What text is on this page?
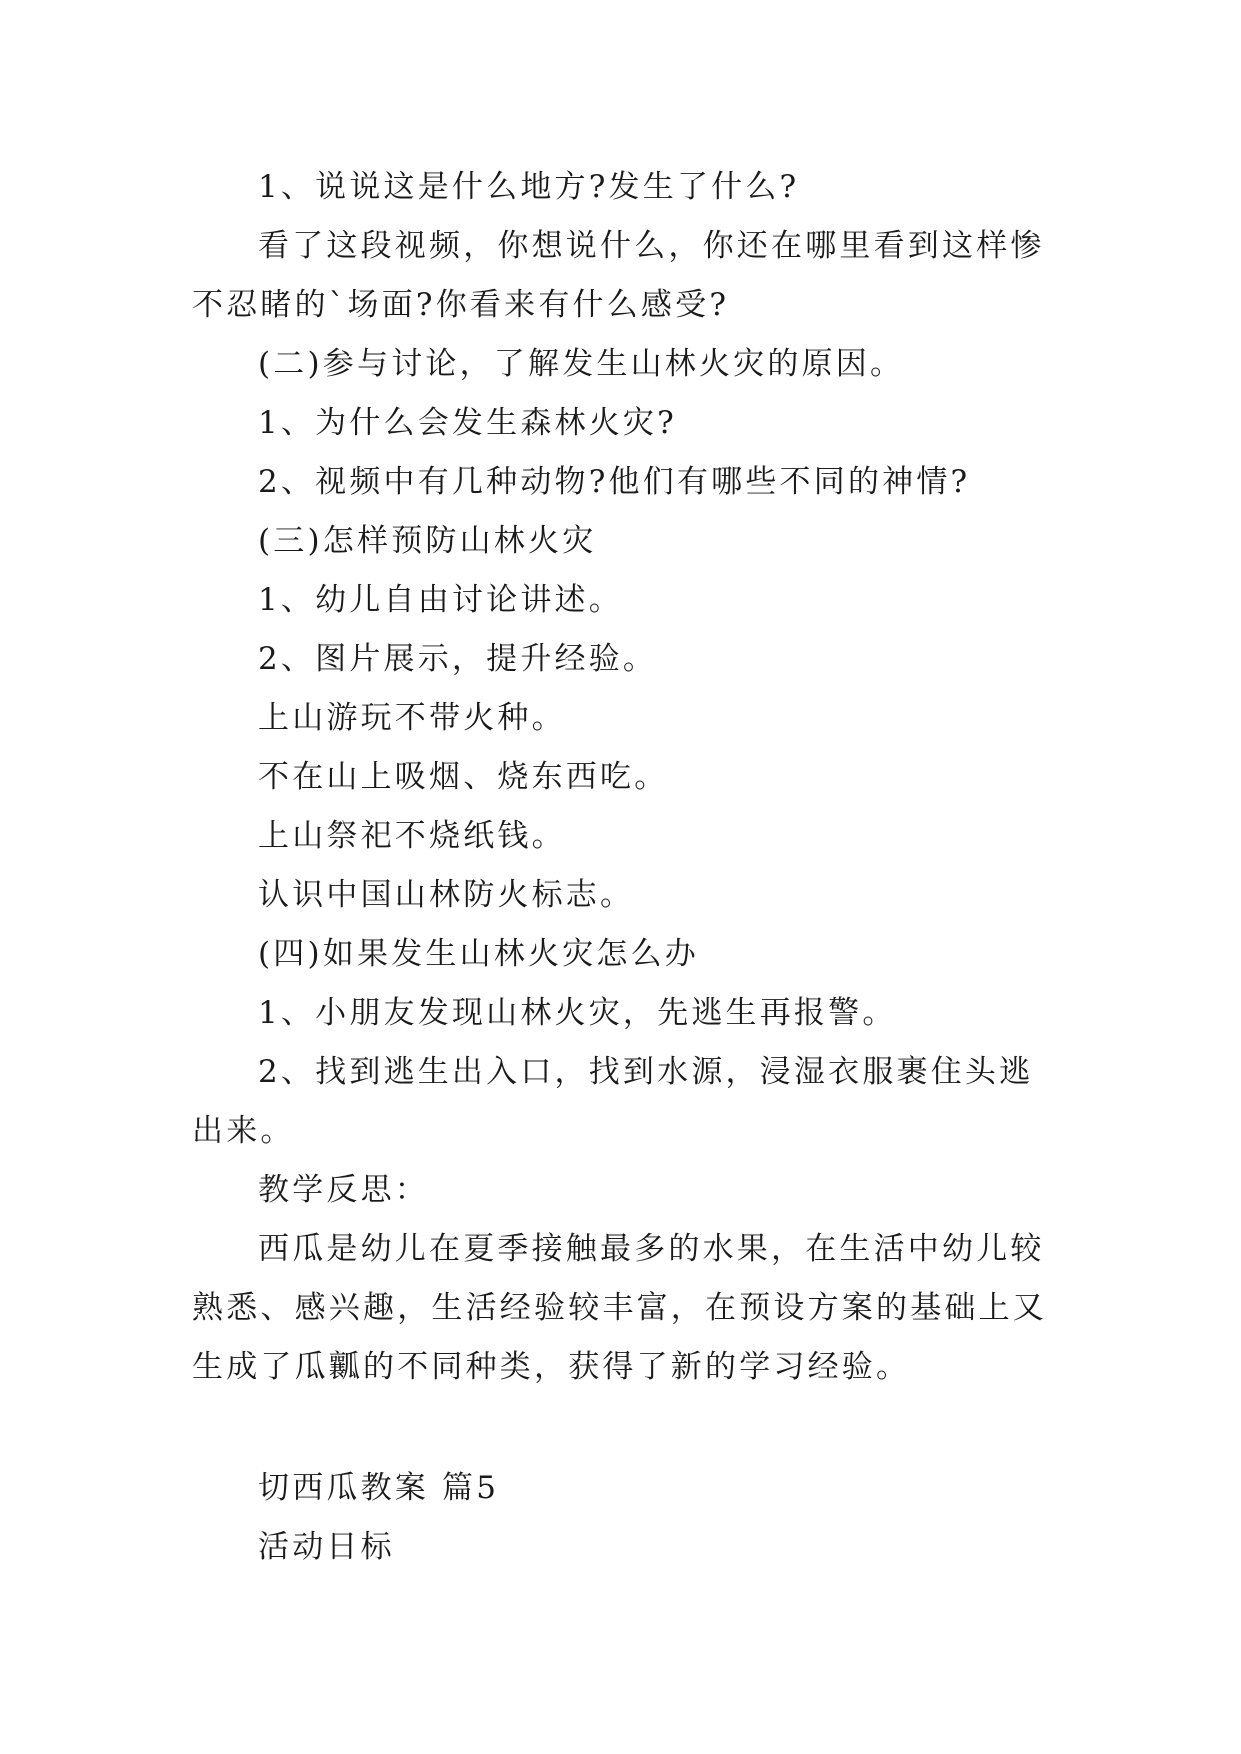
1、说说这是什么地方?发生了什么?

看了这段视频，你想说什么，你还在哪里看到这样惨不忍睹的`场面?你看来有什么感受?

(二)参与讨论，了解发生山林火灾的原因。

1、为什么会发生森林火灾?

2、视频中有几种动物?他们有哪些不同的神情?

(三)怎样预防山林火灾

1、幼儿自由讨论讲述。

2、图片展示，提升经验。

上山游玩不带火种。

不在山上吸烟、烧东西吃。

上山祭祀不烧纸钱。

认识中国山林防火标志。

(四)如果发生山林火灾怎么办

1、小朋友发现山林火灾，先逃生再报警。

2、找到逃生出入口，找到水源，浸湿衣服裹住头逃出来。

教学反思：

西瓜是幼儿在夏季接触最多的水果，在生活中幼儿较熟悉、感兴趣，生活经验较丰富，在预设方案的基础上又生成了瓜瓤的不同种类，获得了新的学习经验。

切西瓜教案 篇5

活动日标
